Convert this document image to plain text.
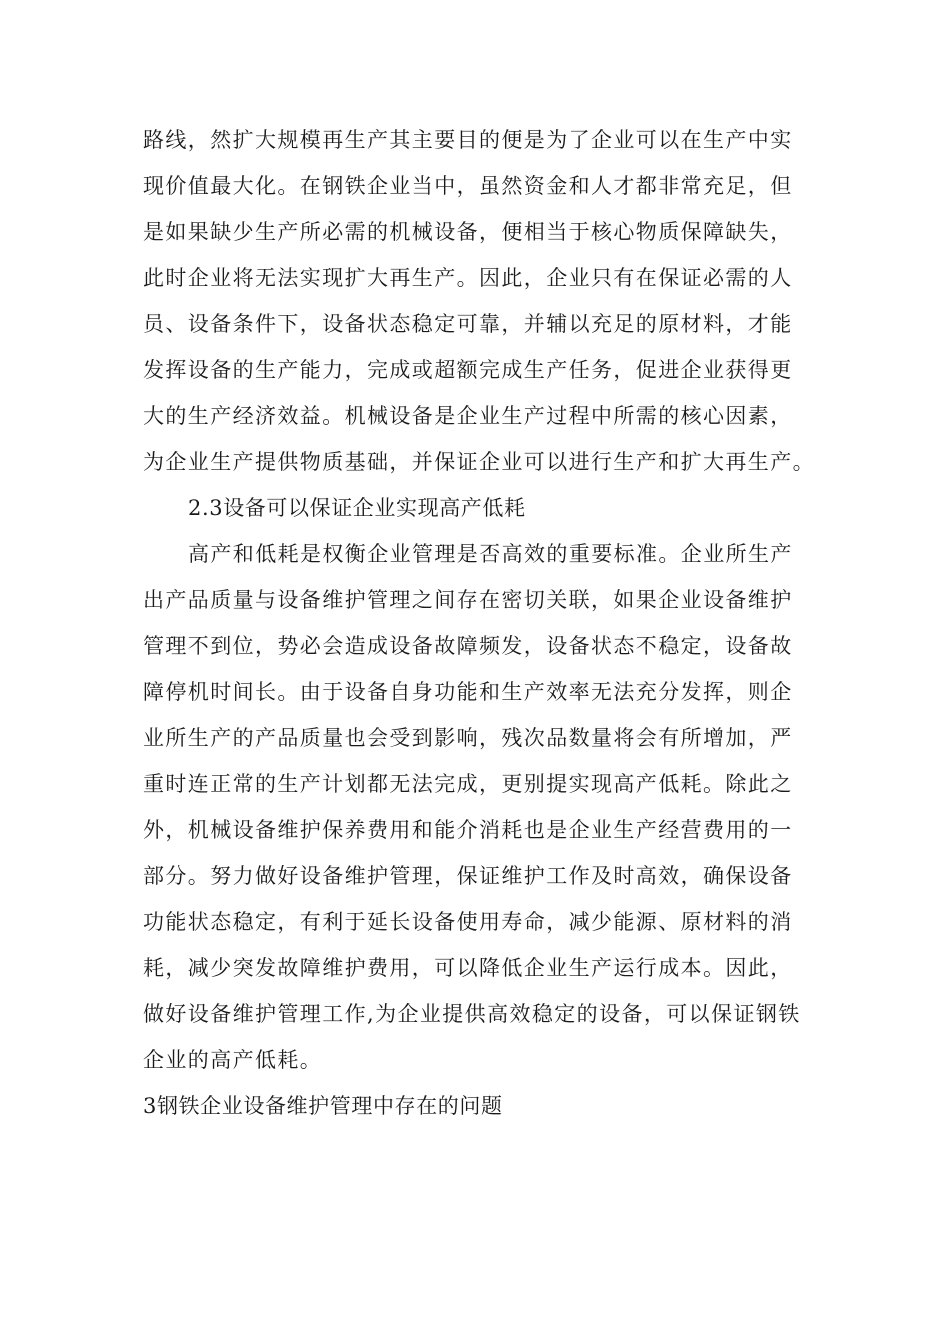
路线，然扩大规模再生产其主要目的便是为了企业可以在生产中实
现价值最大化。在钢铁企业当中，虽然资金和人才都非常充足，但
是如果缺少生产所必需的机械设备，便相当于核心物质保障缺失，
此时企业将无法实现扩大再生产。因此，企业只有在保证必需的人
员、设备条件下，设备状态稳定可靠，并辅以充足的原材料，才能
发挥设备的生产能力，完成或超额完成生产任务，促进企业获得更
大的生产经济效益。机械设备是企业生产过程中所需的核心因素，
为企业生产提供物质基础，并保证企业可以进行生产和扩大再生产。
2.3设备可以保证企业实现高产低耗
高产和低耗是权衡企业管理是否高效的重要标准。企业所生产
出产品质量与设备维护管理之间存在密切关联，如果企业设备维护
管理不到位，势必会造成设备故障频发，设备状态不稳定，设备故
障停机时间长。由于设备自身功能和生产效率无法充分发挥，则企
业所生产的产品质量也会受到影响，残次品数量将会有所增加，严
重时连正常的生产计划都无法完成，更别提实现高产低耗。除此之
外，机械设备维护保养费用和能介消耗也是企业生产经营费用的一
部分。努力做好设备维护管理，保证维护工作及时高效，确保设备
功能状态稳定，有利于延长设备使用寿命，减少能源、原材料的消
耗，减少突发故障维护费用，可以降低企业生产运行成本。因此，
做好设备维护管理工作,为企业提供高效稳定的设备，可以保证钢铁
企业的高产低耗。
3钢铁企业设备维护管理中存在的问题
